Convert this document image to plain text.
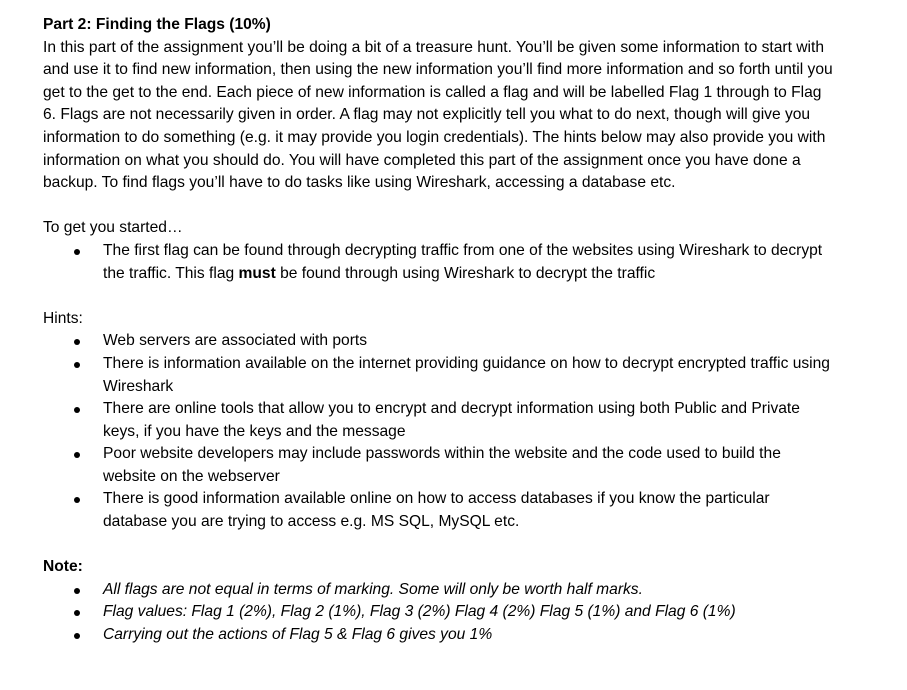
Part 2: Finding the Flags (10%)

In this part of the assignment you’ll be doing a bit of a treasure hunt. You’ll be given some information to start with and use it to find new information, then using the new information you’ll find more information and so forth until you get to the get to the end. Each piece of new information is called a flag and will be labelled Flag 1 through to Flag 6. Flags are not necessarily given in order. A flag may not explicitly tell you what to do next, though will give you information to do something (e.g. it may provide you login credentials). The hints below may also provide you with information on what you should do. You will have completed this part of the assignment once you have done a backup. To find flags you’ll have to do tasks like using Wireshark, accessing a database etc.

To get you started…
The first flag can be found through decrypting traffic from one of the websites using Wireshark to decrypt the traffic. This flag must be found through using Wireshark to decrypt the traffic
Hints:
Web servers are associated with ports
There is information available on the internet providing guidance on how to decrypt encrypted traffic using Wireshark
There are online tools that allow you to encrypt and decrypt information using both Public and Private keys, if you have the keys and the message
Poor website developers may include passwords within the website and the code used to build the website on the webserver
There is good information available online on how to access databases if you know the particular database you are trying to access e.g. MS SQL, MySQL etc.
Note:
All flags are not equal in terms of marking. Some will only be worth half marks.
Flag values: Flag 1 (2%), Flag 2 (1%), Flag 3 (2%) Flag 4 (2%) Flag 5 (1%) and Flag 6 (1%)
Carrying out the actions of Flag 5 & Flag 6 gives you 1%
